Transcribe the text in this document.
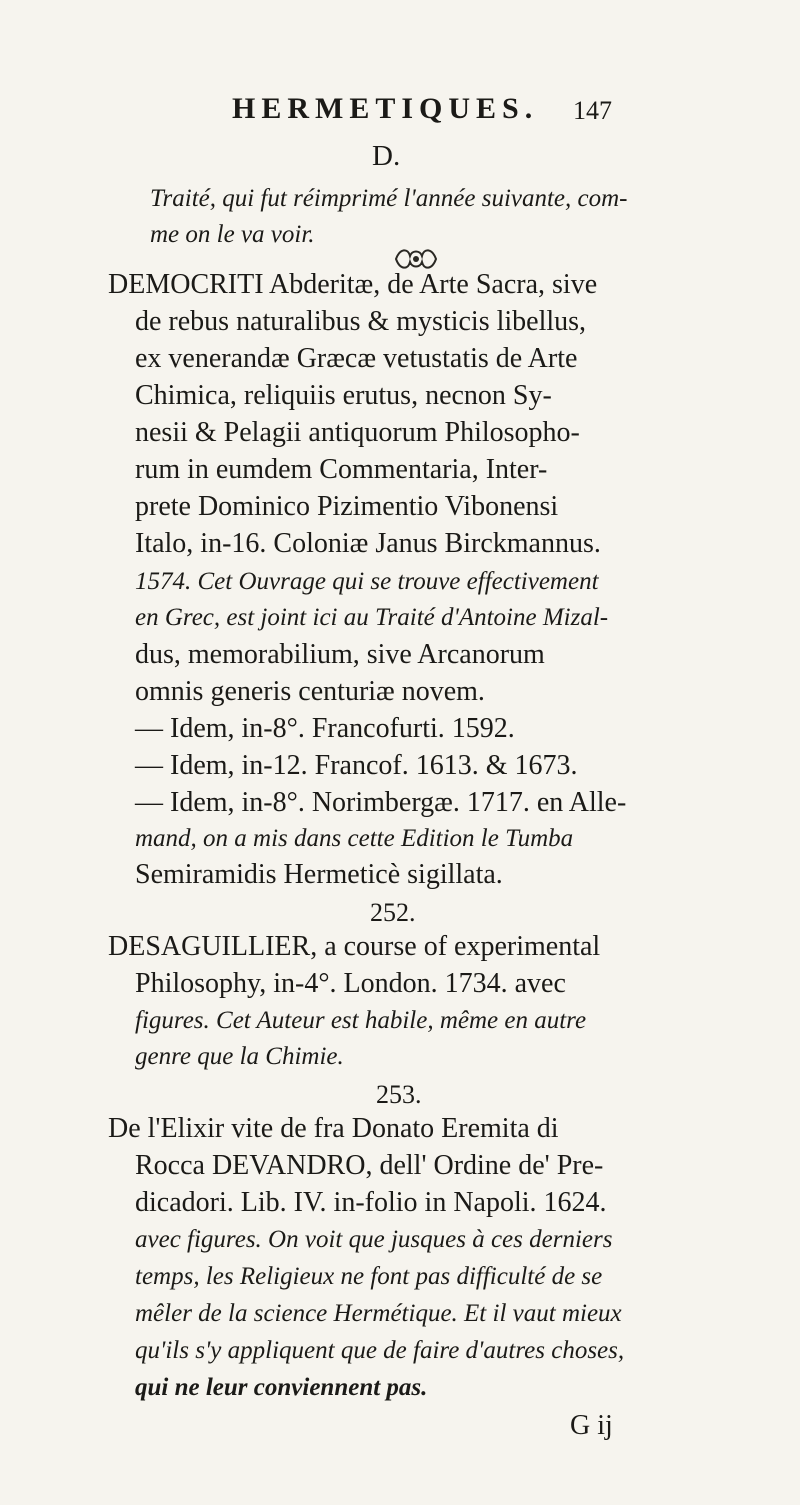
HERMETIQUES. 147
D.
Traité, qui fut réimprimé l'année suivante, com-
me on le va voir.
DEMOCRITI Abderitæ, de Arte Sacra, sive
de rebus naturalibus & mysticis libellus,
ex venerandæ Græcæ vetustatis de Arte
Chimica, reliquiis erutus, necnon Sy-
nesii & Pelagii antiquorum Philosopho-
rum in eumdem Commentaria, Inter-
prete Dominico Pizimentio Vibonensi
Italo, in-16. Coloniæ Janus Birckmannus.
1574. Cet Ouvrage qui se trouve effectivement
en Grec, est joint ici au Traité d'Antoine Mizal-
dus, memorabilium, sive Arcanorum
omnis generis centuriæ novem.
— Idem, in-8°. Francofurti. 1592.
— Idem, in-12. Francof. 1613. & 1673.
— Idem, in-8°. Norimbergæ. 1717. en Alle-
mand, on a mis dans cette Edition le Tumba
Semiramidis Hermeticè sigillata.
252.
DESAGUILLIER, a course of experimental
Philosophy, in-4°. London. 1734. avec
figures. Cet Auteur est habile, même en autre
genre que la Chimie.
253.
De l'Elixir vite de fra Donato Eremita di
Rocca DEVANDRO, dell' Ordine de' Pre-
dicadori. Lib. IV. in-folio in Napoli. 1624.
avec figures. On voit que jusques à ces derniers
temps, les Religieux ne font pas difficulté de se
mêler de la science Hermétique. Et il vaut mieux
qu'ils s'y appliquent que de faire d'autres choses,
qui ne leur conviennent pas.
G ij
